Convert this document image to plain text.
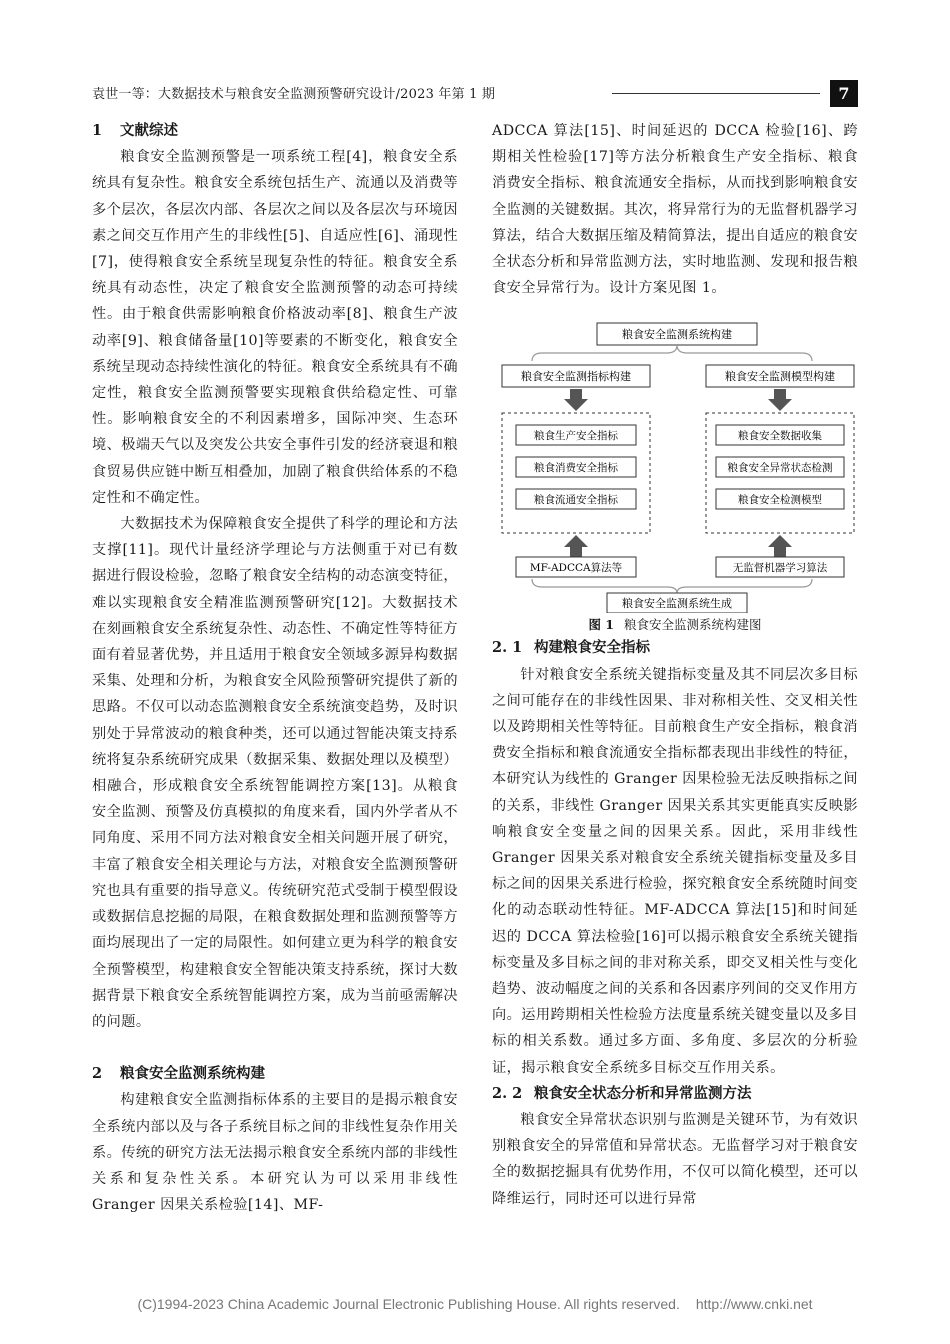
袁世一等：大数据技术与粮食安全监测预警研究设计/2023 年第 1 期	7
1 文献综述

粮食安全监测预警是一项系统工程[4]，粮食安全系统具有复杂性。粮食安全系统包括生产、流通以及消费等多个层次，各层次内部、各层次之间以及各层次与环境因素之间交互作用产生的非线性[5]、自适应性[6]、涌现性[7]，使得粮食安全系统呈现复杂性的特征。粮食安全系统具有动态性，决定了粮食安全监测预警的动态可持续性。由于粮食供需影响粮食价格波动率[8]、粮食生产波动率[9]、粮食储备量[10]等要素的不断变化，粮食安全系统呈现动态持续性演化的特征。粮食安全系统具有不确定性，粮食安全监测预警要实现粮食供给稳定性、可靠性。影响粮食安全的不利因素增多，国际冲突、生态环境、极端天气以及突发公共安全事件引发的经济衰退和粮食贸易供应链中断互相叠加，加剧了粮食供给体系的不稳定性和不确定性。

大数据技术为保障粮食安全提供了科学的理论和方法支撑[11]。现代计量经济学理论与方法侧重于对已有数据进行假设检验，忽略了粮食安全结构的动态演变特征，难以实现粮食安全精准监测预警研究[12]。大数据技术在刻画粮食安全系统复杂性、动态性、不确定性等特征方面有着显著优势，并且适用于粮食安全领域多源异构数据采集、处理和分析，为粮食安全风险预警研究提供了新的思路。不仅可以动态监测粮食安全系统演变趋势，及时识别处于异常波动的粮食种类，还可以通过智能决策支持系统将复杂系统研究成果（数据采集、数据处理以及模型）相融合，形成粮食安全系统智能调控方案[13]。从粮食安全监测、预警及仿真模拟的角度来看，国内外学者从不同角度、采用不同方法对粮食安全相关问题开展了研究，丰富了粮食安全相关理论与方法，对粮食安全监测预警研究也具有重要的指导意义。传统研究范式受制于模型假设或数据信息挖掘的局限，在粮食数据处理和监测预警等方面均展现出了一定的局限性。如何建立更为科学的粮食安全预警模型，构建粮食安全智能决策支持系统，探讨大数据背景下粮食安全系统智能调控方案，成为当前亟需解决的问题。

2 粮食安全监测系统构建

构建粮食安全监测指标体系的主要目的是揭示粮食安全系统内部以及与各子系统目标之间的非线性复杂作用关系。传统的研究方法无法揭示粮食安全系统内部的非线性关系和复杂性关系。本研究认为可以采用非线性 Granger 因果关系检验[14]、MF-

ADCCA 算法[15]、时间延迟的 DCCA 检验[16]、跨期相关性检验[17]等方法分析粮食生产安全指标、粮食消费安全指标、粮食流通安全指标，从而找到影响粮食安全监测的关键数据。其次，将异常行为的无监督机器学习算法，结合大数据压缩及精简算法，提出自适应的粮食安全状态分析和异常监测方法，实时地监测、发现和报告粮食安全异常行为。设计方案见图 1。

粮食安全监测系统构建
粮食安全监测指标构建	粮食安全监测模型构建
粮食生产安全指标
粮食消费安全指标
粮食流通安全指标
粮食安全数据收集
粮食安全异常状态检测
粮食安全检测模型
MF-ADCCA算法等	无监督机器学习算法
粮食安全监测系统生成
图 1 粮食安全监测系统构建图
2. 1 构建粮食安全指标

针对粮食安全系统关键指标变量及其不同层次多目标之间可能存在的非线性因果、非对称相关性、交叉相关性以及跨期相关性等特征。目前粮食生产安全指标，粮食消费安全指标和粮食流通安全指标都表现出非线性的特征，本研究认为线性的 Granger 因果检验无法反映指标之间的关系，非线性 Granger 因果关系其实更能真实反映影响粮食安全变量之间的因果关系。因此，采用非线性 Granger 因果关系对粮食安全系统关键指标变量及多目标之间的因果关系进行检验，探究粮食安全系统随时间变化的动态联动性特征。MF-ADCCA 算法[15]和时间延迟的 DCCA 算法检验[16]可以揭示粮食安全系统关键指标变量及多目标之间的非对称关系，即交叉相关性与变化趋势、波动幅度之间的关系和各因素序列间的交叉作用方向。运用跨期相关性检验方法度量系统关键变量以及多目标的相关系数。通过多方面、多角度、多层次的分析验证，揭示粮食安全系统多目标交互作用关系。

2. 2 粮食安全状态分析和异常监测方法

粮食安全异常状态识别与监测是关键环节，为有效识别粮食安全的异常值和异常状态。无监督学习对于粮食安全的数据挖掘具有优势作用，不仅可以简化模型，还可以降维运行，同时还可以进行异常

(C)1994-2023 China Academic Journal Electronic Publishing House. All rights reserved. http://www.cnki.net
